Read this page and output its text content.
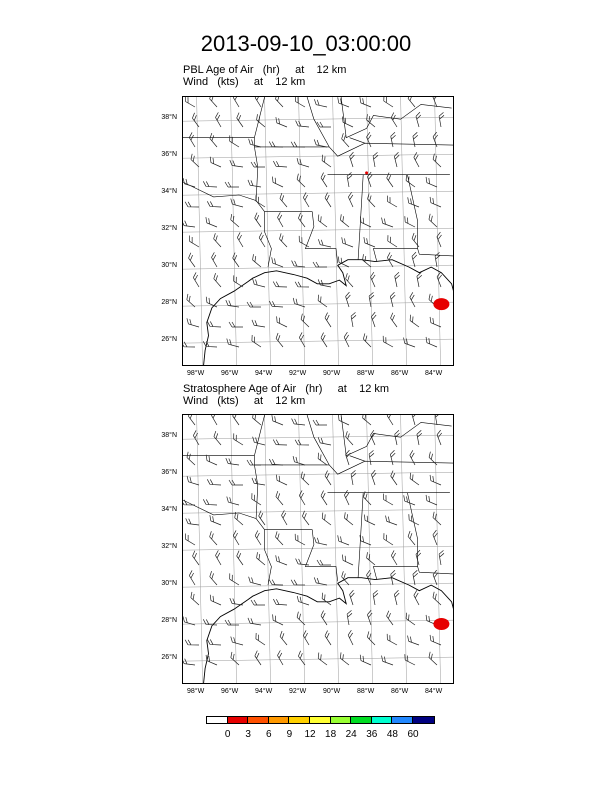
2013-09-10_03:00:00
PBL Age of Air   (hr)     at    12 km
Wind   (kts)     at    12 km
Stratosphere Age of Air   (hr)     at    12 km
Wind   (kts)     at    12 km
38°N
36°N
34°N
32°N
30°N
28°N
26°N
98°W	96°W	94°W	92°W	90°W	88°W	86°W	84°W
38°N
36°N
34°N
32°N
30°N
28°N
26°N
98°W	96°W	94°W	92°W	90°W	88°W	86°W	84°W
0	3	6	9	12 18 24 36 48 60
